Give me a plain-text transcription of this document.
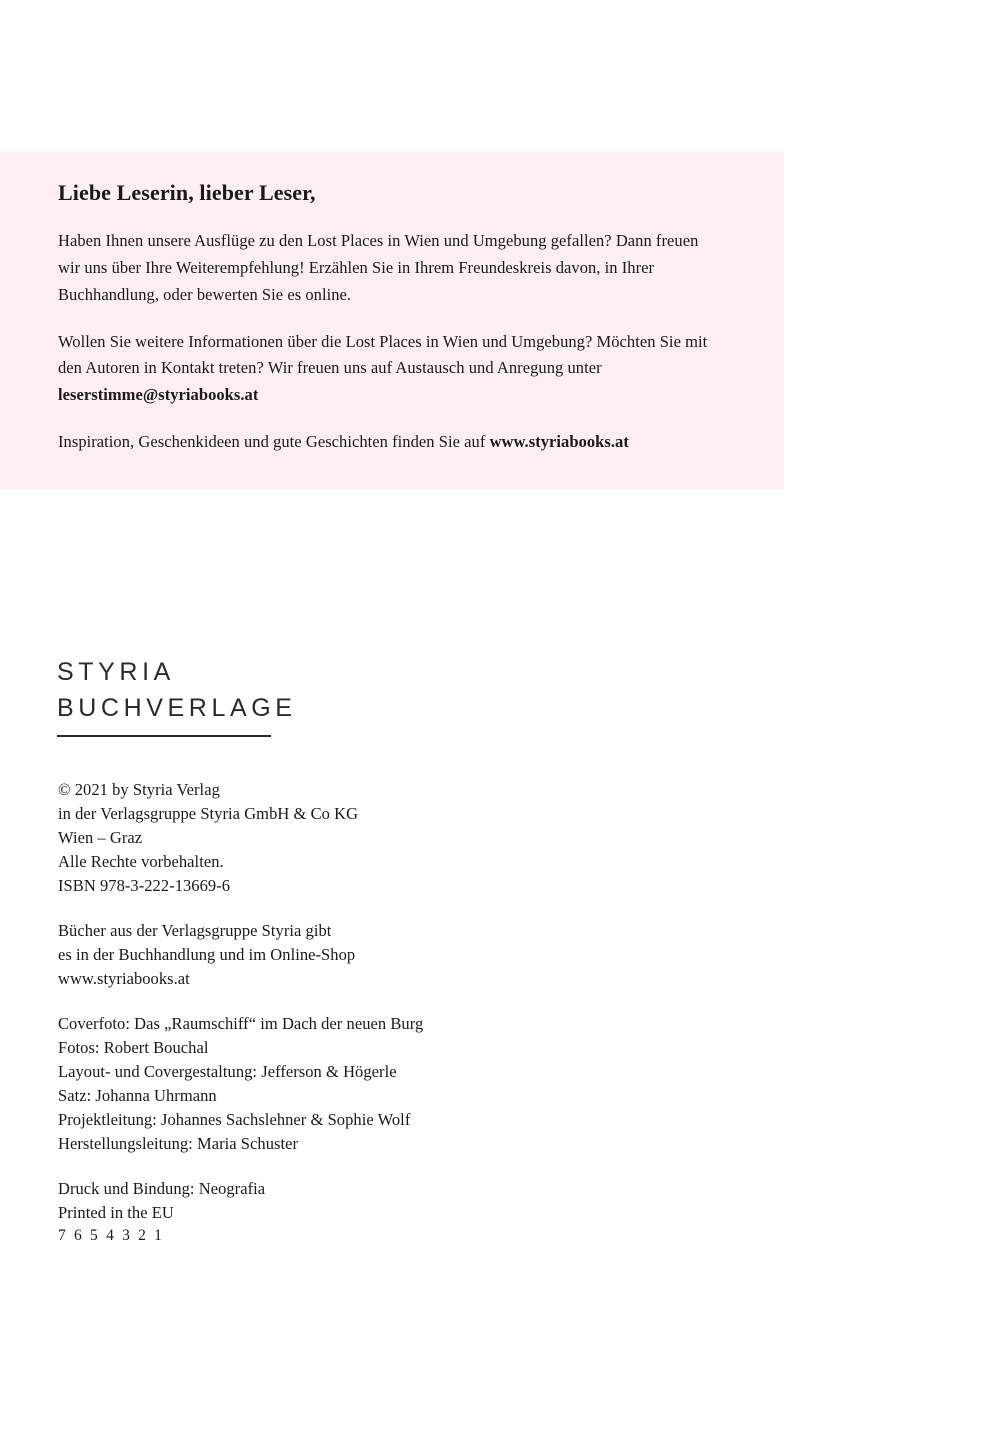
Liebe Leserin, lieber Leser,

Haben Ihnen unsere Ausflüge zu den Lost Places in Wien und Umgebung gefallen? Dann freuen wir uns über Ihre Weiterempfehlung! Erzählen Sie in Ihrem Freundeskreis davon, in Ihrer Buchhandlung, oder bewerten Sie es online.

Wollen Sie weitere Informationen über die Lost Places in Wien und Umgebung? Möchten Sie mit den Autoren in Kontakt treten? Wir freuen uns auf Austausch und Anregung unter leserstimme@styriabooks.at

Inspiration, Geschenkideen und gute Geschichten finden Sie auf www.styriabooks.at

STYRIA
BUCHVERLAGE
© 2021 by Styria Verlag
in der Verlagsgruppe Styria GmbH & Co KG
Wien – Graz
Alle Rechte vorbehalten.
ISBN 978-3-222-13669-6
Bücher aus der Verlagsgruppe Styria gibt
es in der Buchhandlung und im Online-Shop
www.styriabooks.at
Coverfoto: Das „Raumschiff“ im Dach der neuen Burg
Fotos: Robert Bouchal
Layout- und Covergestaltung: Jefferson & Högerle
Satz: Johanna Uhrmann
Projektleitung: Johannes Sachslehner & Sophie Wolf
Herstellungsleitung: Maria Schuster
Druck und Bindung: Neografia
Printed in the EU
7 6 5 4 3 2 1
